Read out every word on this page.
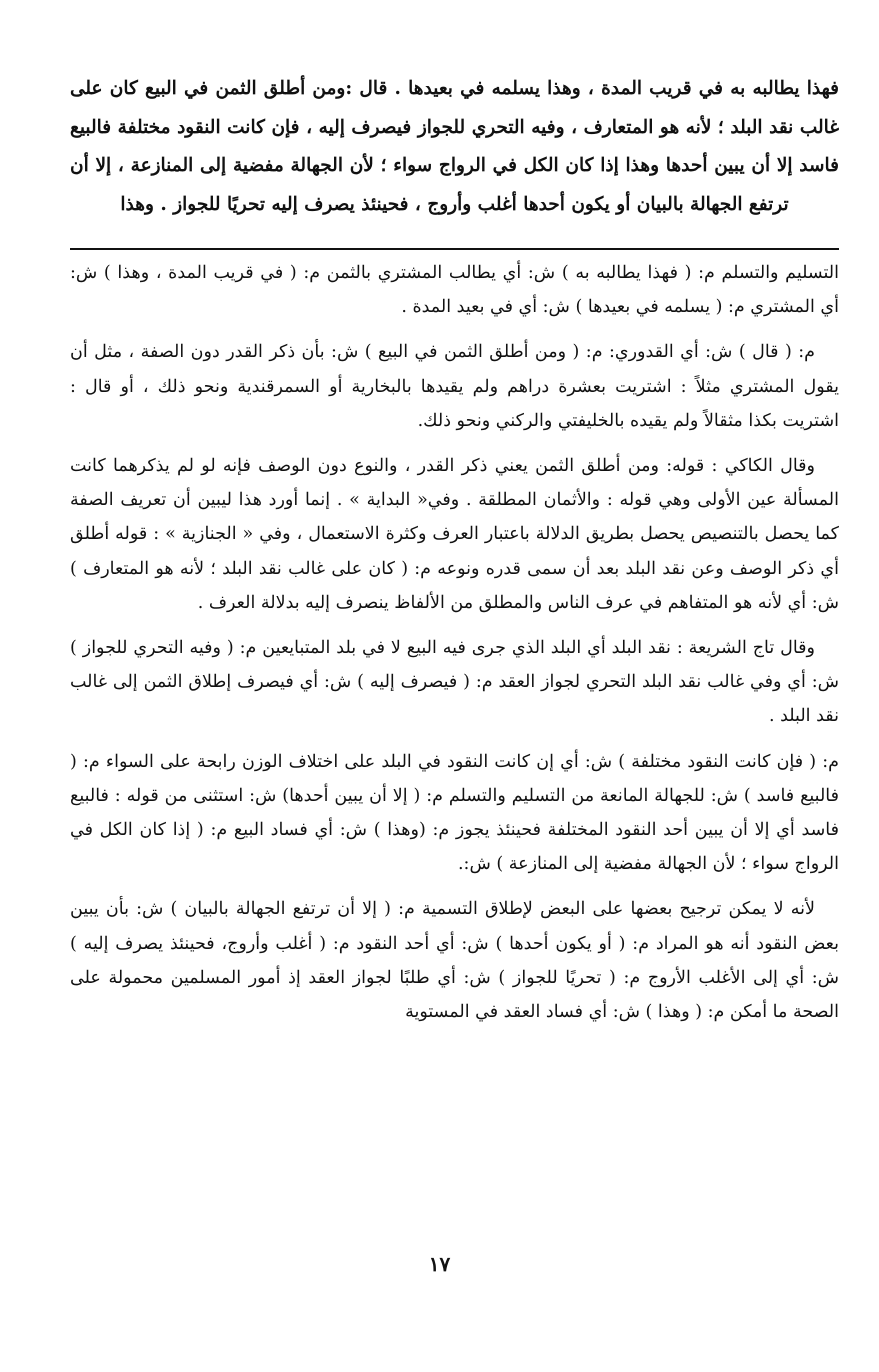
فهذا يطالبه به في قريب المدة ، وهذا يسلمه في بعيدها . قال :ومن أطلق الثمن في البيع كان على غالب نقد البلد ؛ لأنه هو المتعارف ، وفيه التحري للجواز فيصرف إليه ، فإن كانت النقود مختلفة فالبيع فاسد إلا أن يبين أحدها وهذا إذا كان الكل في الرواج سواء ؛ لأن الجهالة مفضية إلى المنازعة ، إلا أن ترتفع الجهالة بالبيان أو يكون أحدها أغلب وأروج ، فحينئذ يصرف إليه تحريًا للجواز . وهذا

التسليم والتسلم م: ( فهذا يطالبه به ) ش: أي يطالب المشتري بالثمن م: ( في قريب المدة ، وهذا ) ش: أي المشتري م: ( يسلمه في بعيدها ) ش: أي في بعيد المدة .

م: ( قال ) ش: أي القدوري: م: ( ومن أطلق الثمن في البيع ) ش: بأن ذكر القدر دون الصفة ، مثل أن يقول المشتري مثلاً : اشتريت بعشرة دراهم ولم يقيدها بالبخارية أو السمرقندية ونحو ذلك ، أو قال : اشتريت بكذا مثقالاً ولم يقيده بالخليفتي والركني ونحو ذلك.

وقال الكاكي : قوله: ومن أطلق الثمن يعني ذكر القدر ، والنوع دون الوصف فإنه لو لم يذكرهما كانت المسألة عين الأولى وهي قوله : والأثمان المطلقة . وفي« البداية » . إنما أورد هذا ليبين أن تعريف الصفة كما يحصل بالتنصيص يحصل بطريق الدلالة باعتبار العرف وكثرة الاستعمال ، وفي « الجنازية » : قوله أطلق أي ذكر الوصف وعن نقد البلد بعد أن سمى قدره ونوعه م: ( كان على غالب نقد البلد ؛ لأنه هو المتعارف ) ش: أي لأنه هو المتفاهم في عرف الناس والمطلق من الألفاظ ينصرف إليه بدلالة العرف .

وقال تاج الشريعة : نقد البلد أي البلد الذي جرى فيه البيع لا في بلد المتبايعين م: ( وفيه التحري للجواز ) ش: أي وفي غالب نقد البلد التحري لجواز العقد م: ( فيصرف إليه ) ش: أي فيصرف إطلاق الثمن إلى غالب نقد البلد .

م: ( فإن كانت النقود مختلفة ) ش: أي إن كانت النقود في البلد على اختلاف الوزن رابحة على السواء م: ( فالبيع فاسد ) ش: للجهالة المانعة من التسليم والتسلم م: ( إلا أن يبين أحدها) ش: استثنى من قوله : فالبيع فاسد أي إلا أن يبين أحد النقود المختلفة فحينئذ يجوز م: (وهذا ) ش: أي فساد البيع م: ( إذا كان الكل في الرواج سواء ؛ لأن الجهالة مفضية إلى المنازعة ) ش:.

لأنه لا يمكن ترجيح بعضها على البعض لإطلاق التسمية م: ( إلا أن ترتفع الجهالة بالبيان ) ش: بأن يبين بعض النقود أنه هو المراد م: ( أو يكون أحدها ) ش: أي أحد النقود م: ( أغلب وأروج، فحينئذ يصرف إليه ) ش: أي إلى الأغلب الأروج م: ( تحريًا للجواز ) ش: أي طلبًا لجواز العقد إذ أمور المسلمين محمولة على الصحة ما أمكن م: ( وهذا ) ش: أي فساد العقد في المستوية

١٧
